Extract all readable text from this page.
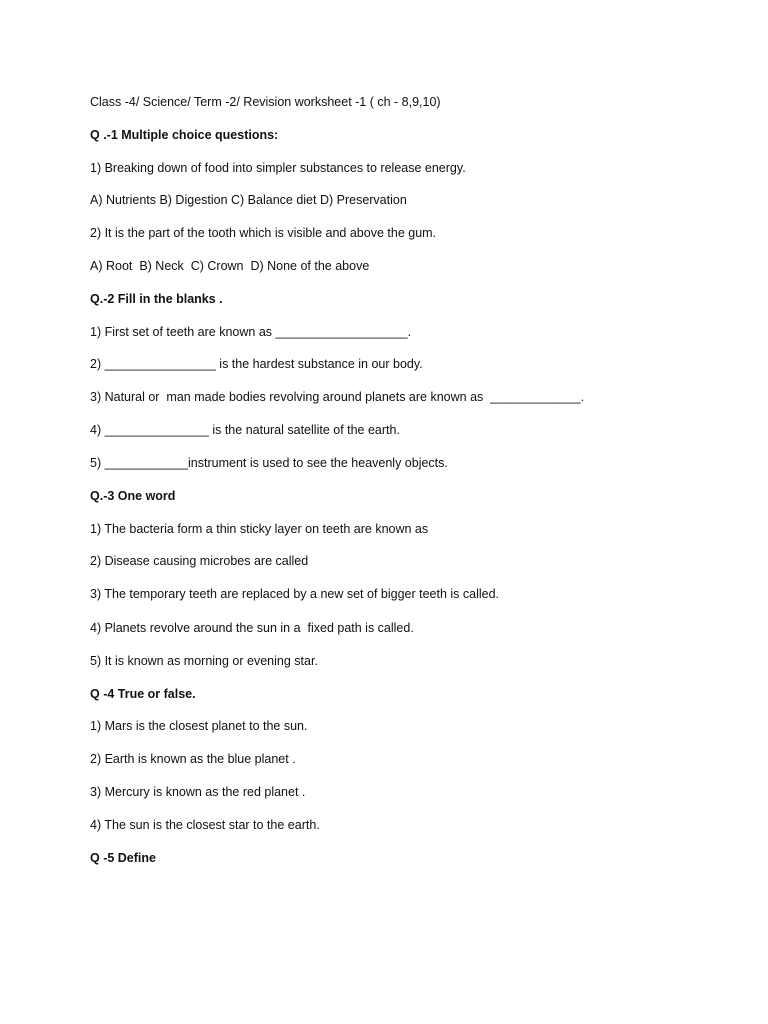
Class -4/ Science/ Term -2/ Revision worksheet -1 ( ch - 8,9,10)
Q .-1 Multiple choice questions:
1) Breaking down of food into simpler substances to release energy.
A) Nutrients B) Digestion C) Balance diet D) Preservation
2) It is the part of the tooth which is visible and above the gum.
A) Root  B) Neck  C) Crown  D) None of the above
Q.-2 Fill in the blanks .
1) First set of teeth are known as ___________________.
2) ________________ is the hardest substance in our body.
3) Natural or  man made bodies revolving around planets are known as  _____________.
4) _______________ is the natural satellite of the earth.
5) ____________instrument is used to see the heavenly objects.
Q.-3 One word
1) The bacteria form a thin sticky layer on teeth are known as
2) Disease causing microbes are called
3) The temporary teeth are replaced by a new set of bigger teeth is called.
4) Planets revolve around the sun in a  fixed path is called.
5) It is known as morning or evening star.
Q -4 True or false.
1) Mars is the closest planet to the sun.
2) Earth is known as the blue planet .
3) Mercury is known as the red planet .
4) The sun is the closest star to the earth.
Q -5 Define
